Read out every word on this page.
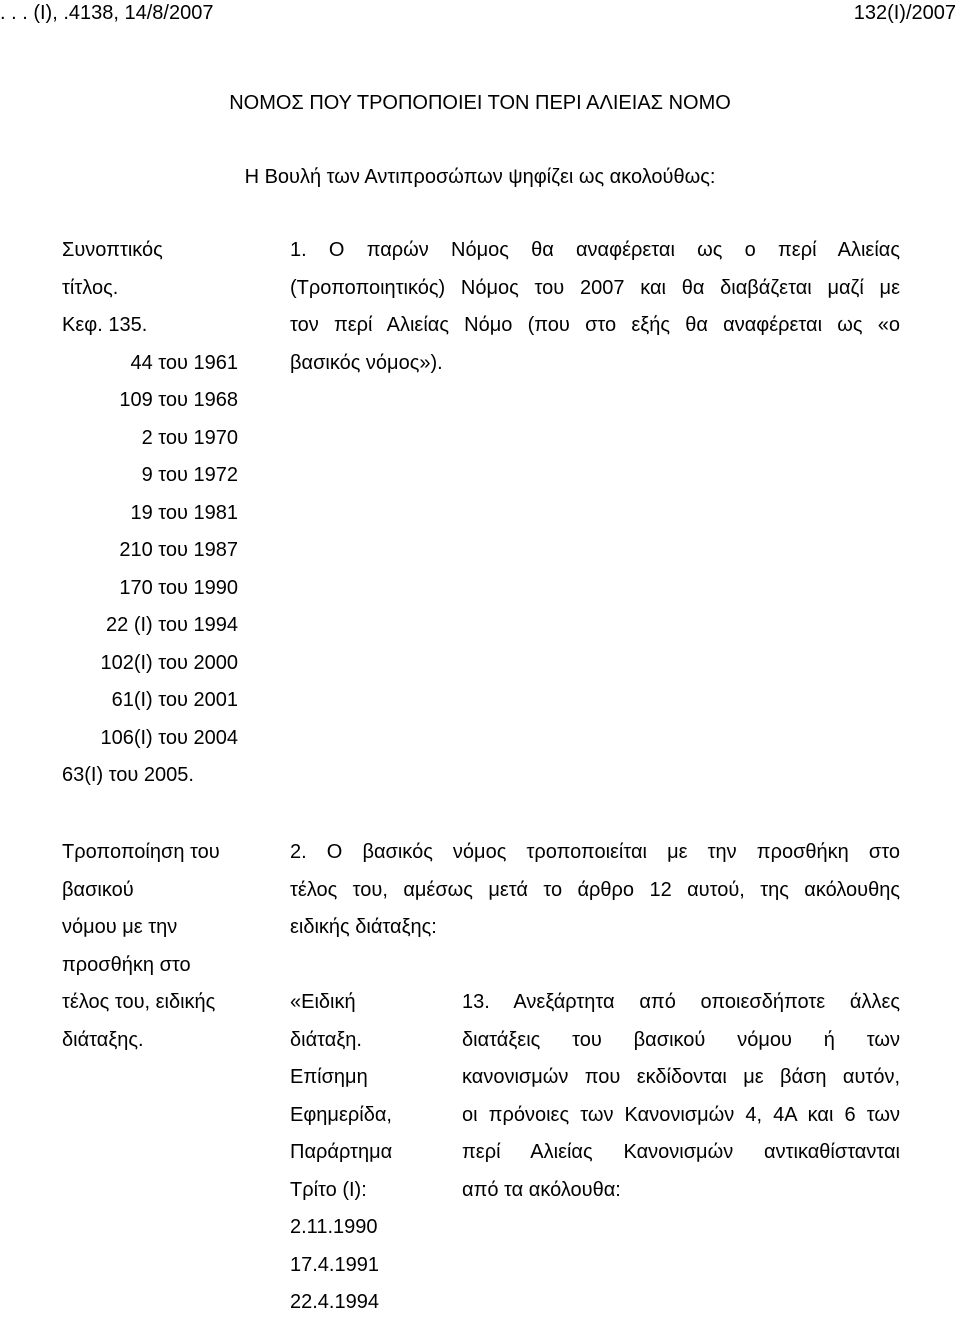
. . . (Ι), .4138, 14/8/2007	132(Ι)/2007
ΝΟΜΟΣ ΠΟΥ ΤΡΟΠΟΠΟΙΕΙ ΤΟΝ ΠΕΡΙ ΑΛΙΕΙΑΣ ΝΟΜΟ
Η Βουλή των Αντιπροσώπων ψηφίζει ως ακολούθως:
Συνοπτικός
τίτλος.
Κεφ. 135.
44 του 1961
109 του 1968
2 του 1970
9 του 1972
19 του 1981
210 του 1987
170 του 1990
22 (Ι) του 1994
102(Ι) του 2000
61(Ι) του 2001
106(Ι) του 2004
63(Ι) του 2005.
1. Ο παρών Νόμος θα αναφέρεται ως ο περί Αλιείας
(Τροποποιητικός) Νόμος του 2007 και θα διαβάζεται μαζί με
τον περί Αλιείας Νόμο (που στο εξής θα αναφέρεται ως «ο
βασικός νόμος»).
Τροποποίηση του
βασικού
νόμου με την
προσθήκη στο
τέλος του, ειδικής
διάταξης.
2. Ο βασικός νόμος τροποποιείται με την προσθήκη στο
τέλος του, αμέσως μετά το άρθρο 12 αυτού, της ακόλουθης
ειδικής διάταξης:
«Ειδική
διάταξη.
Επίσημη
Εφημερίδα,
Παράρτημα
Τρίτο (Ι):
2.11.1990
17.4.1991
22.4.1994
13. Ανεξάρτητα από οποιεσδήποτε άλλες
διατάξεις του βασικού νόμου ή των
κανονισμών που εκδίδονται με βάση αυτόν,
οι πρόνοιες των Κανονισμών 4, 4Α και 6 των
περί Αλιείας Κανονισμών αντικαθίστανται
από τα ακόλουθα:
